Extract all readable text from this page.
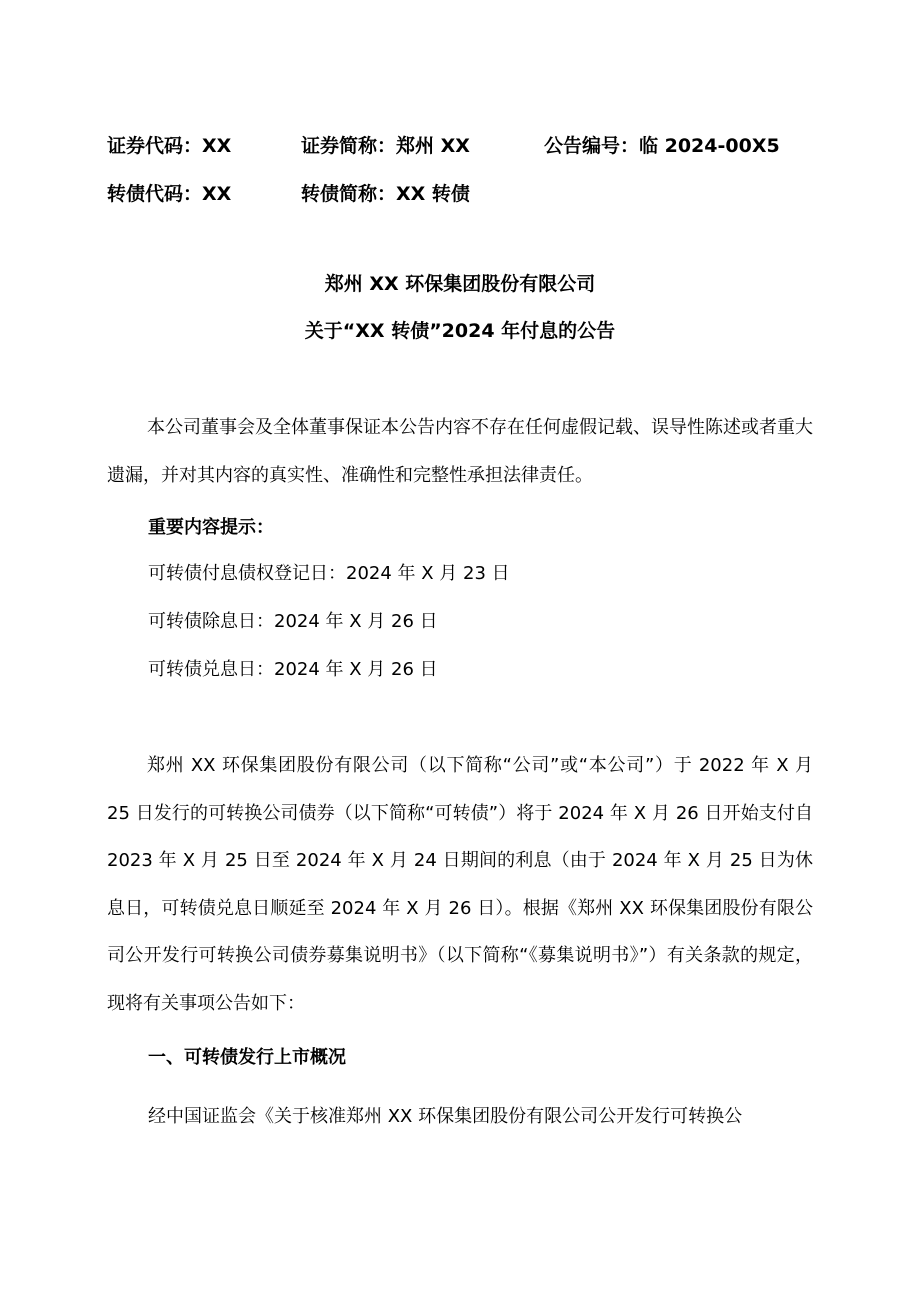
证券代码：XX	证券简称：郑州 XX	公告编号：临 2024-00X5
转债代码：XX	转债简称：XX 转债
郑州 XX 环保集团股份有限公司
关于“XX 转债”2024 年付息的公告

本公司董事会及全体董事保证本公告内容不存在任何虚假记载、误导性陈述或者重大遗漏，并对其内容的真实性、准确性和完整性承担法律责任。

重要内容提示：
可转债付息债权登记日：2024 年 X 月 23 日
可转债除息日：2024 年 X 月 26 日
可转债兑息日：2024 年 X 月 26 日

郑州 XX 环保集团股份有限公司（以下简称“公司”或“本公司”）于 2022 年 X 月 25 日发行的可转换公司债券（以下简称“可转债”）将于 2024 年 X 月 26 日开始支付自 2023 年 X 月 25 日至 2024 年 X 月 24 日期间的利息（由于 2024 年 X 月 25 日为休息日，可转债兑息日顺延至 2024 年 X 月 26 日）。根据《郑州 XX 环保集团股份有限公司公开发行可转换公司债券募集说明书》（以下简称“《募集说明书》”）有关条款的规定，现将有关事项公告如下：

一、可转债发行上市概况
经中国证监会《关于核准郑州 XX 环保集团股份有限公司公开发行可转换公
